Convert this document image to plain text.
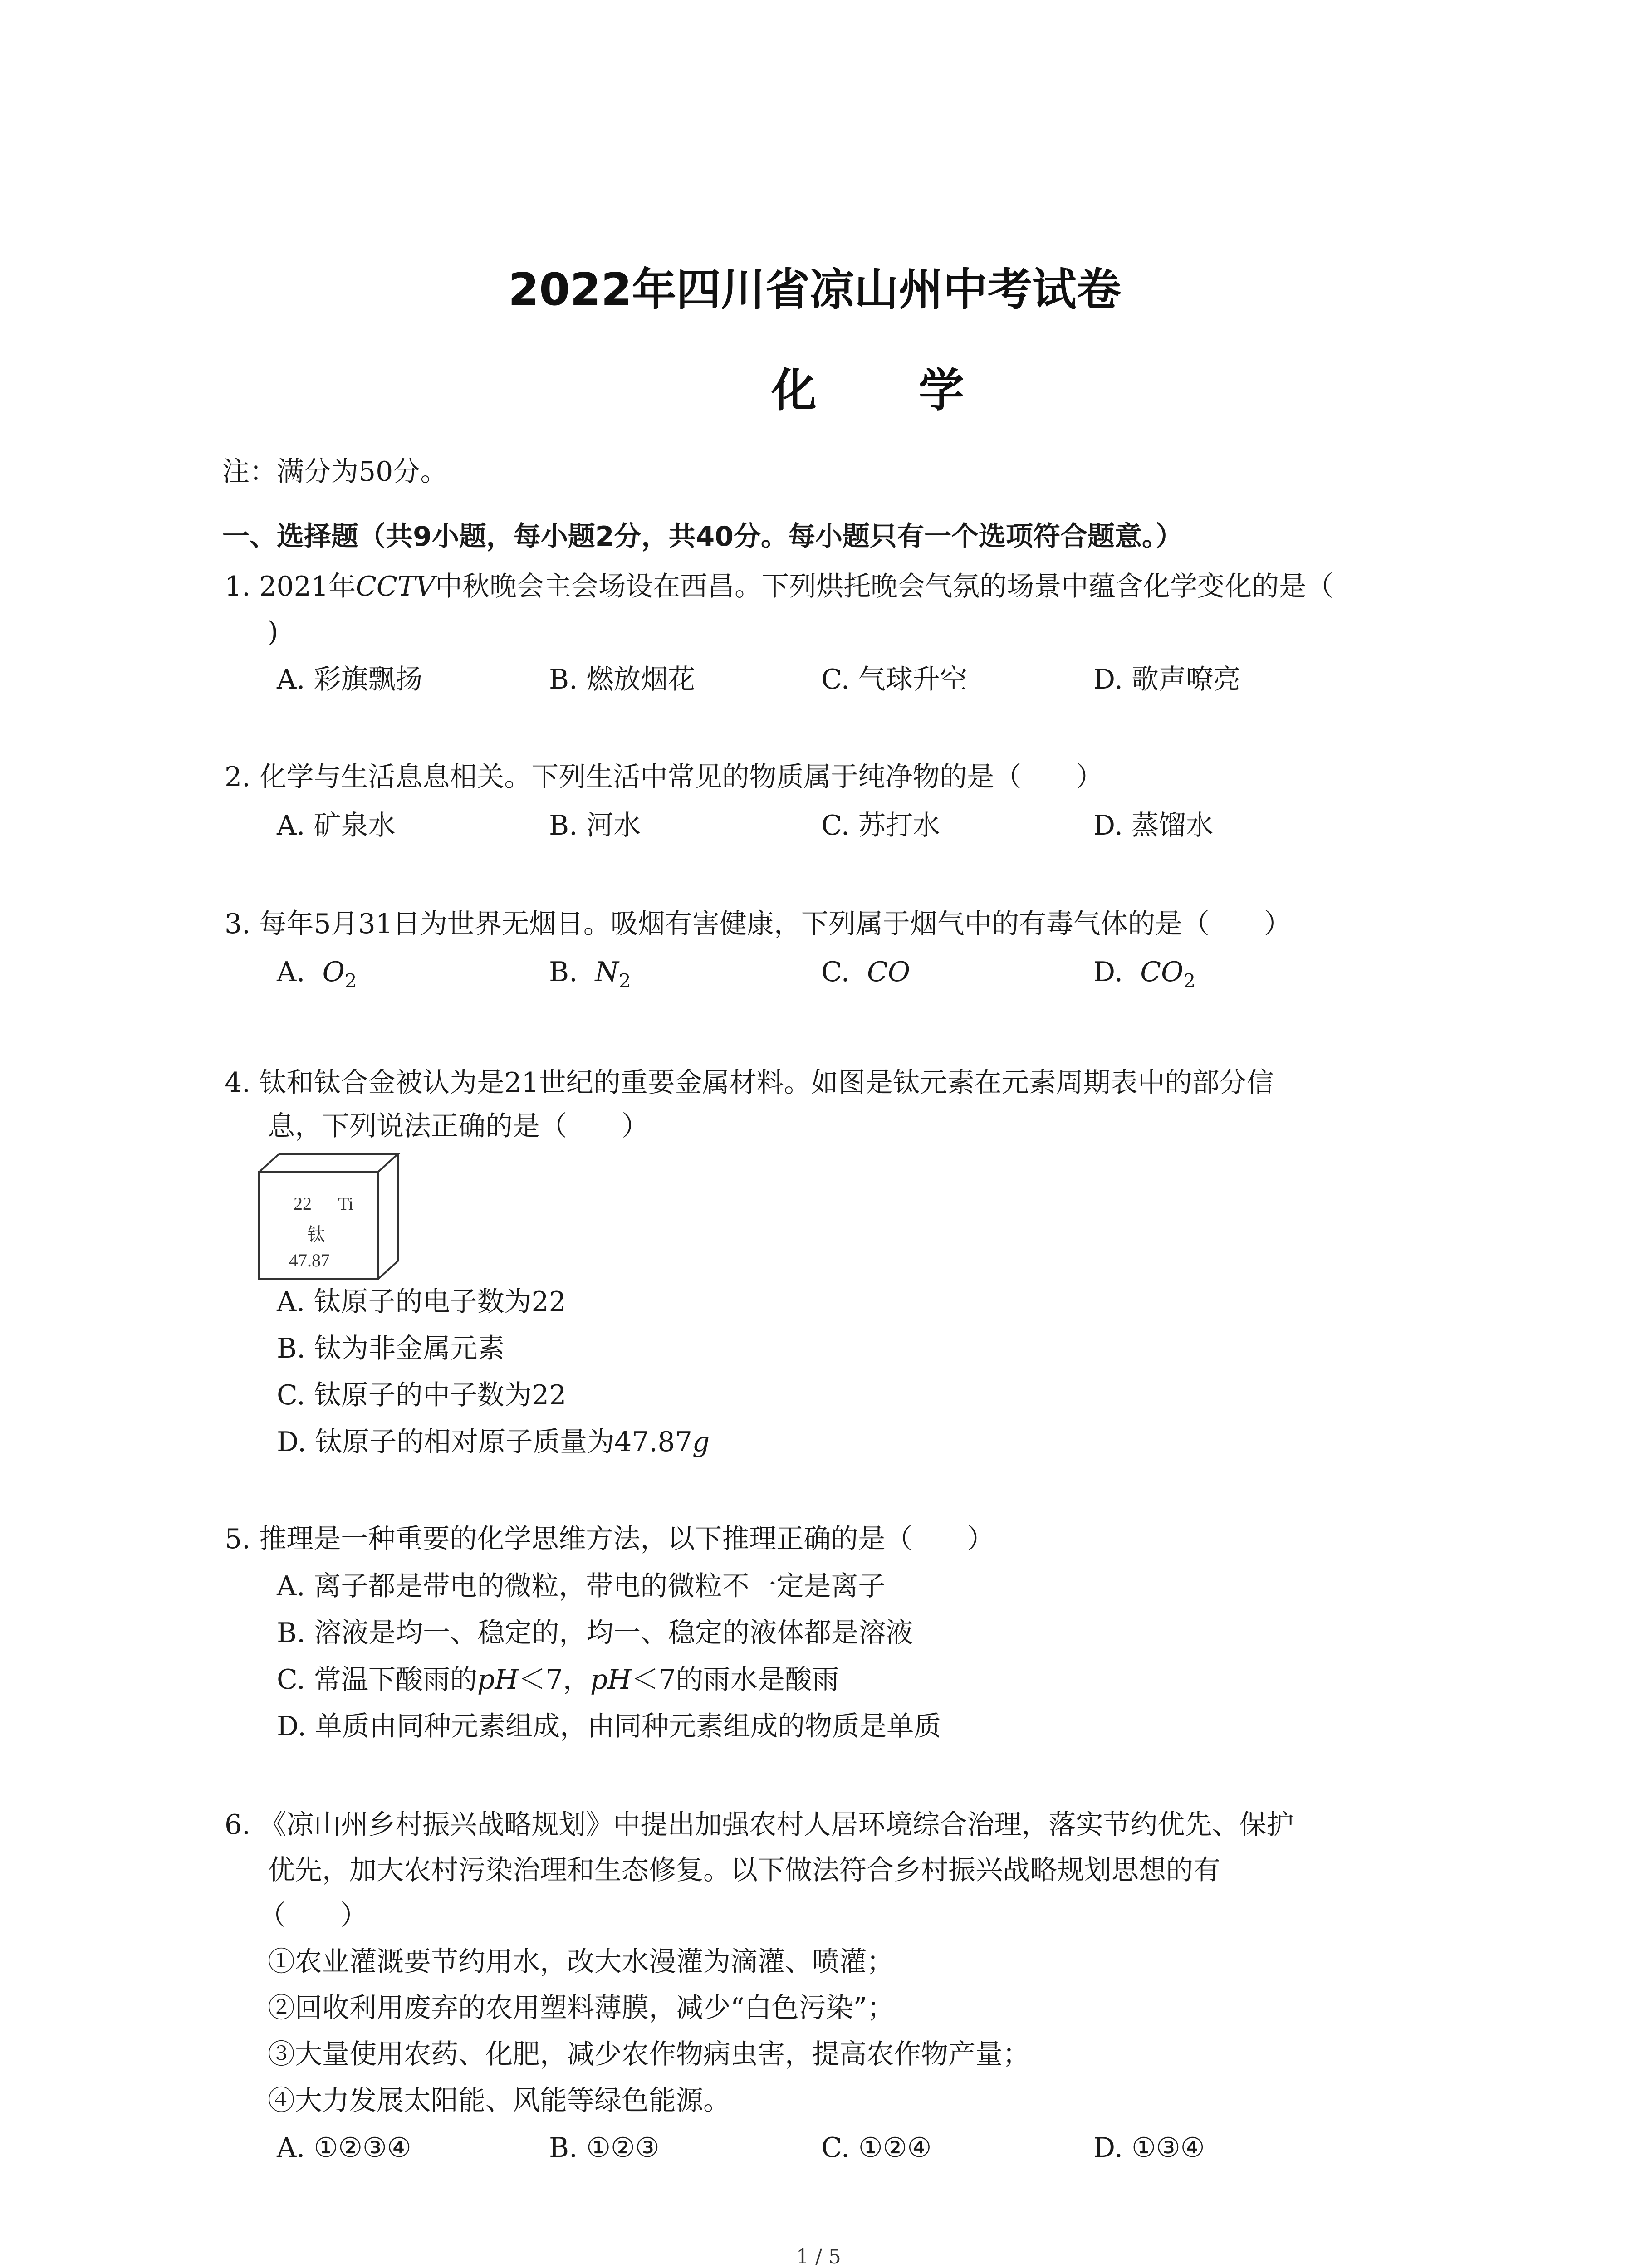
2022年四川省凉山州中考试卷
化 学
注：满分为50分。
一、选择题（共9小题，每小题2分，共40分。每小题只有一个选项符合题意。）
1. 2021年CCTV中秋晚会主会场设在西昌。下列烘托晚会气氛的场景中蕴含化学变化的是（
)
A. 彩旗飘扬	B. 燃放烟花	C. 气球升空	D. 歌声嘹亮
2. 化学与生活息息相关。下列生活中常见的物质属于纯净物的是（　　）
A. 矿泉水	B. 河水	C. 苏打水	D. 蒸馏水
3. 每年5月31日为世界无烟日。吸烟有害健康，下列属于烟气中的有毒气体的是（　　）
A. $O_2$	B. $N_2$	C. CO	D. $CO_2$
4. 钛和钛合金被认为是21世纪的重要金属材料。如图是钛元素在元素周期表中的部分信
息，下列说法正确的是（　　）
22 Ti
钛
47.87
A. 钛原子的电子数为22
B. 钛为非金属元素
C. 钛原子的中子数为22
D. 钛原子的相对原子质量为47.87g
5. 推理是一种重要的化学思维方法，以下推理正确的是（　　）
A. 离子都是带电的微粒，带电的微粒不一定是离子
B. 溶液是均一、稳定的，均一、稳定的液体都是溶液
C. 常温下酸雨的pH＜7，pH＜7的雨水是酸雨
D. 单质由同种元素组成，由同种元素组成的物质是单质
6. 《凉山州乡村振兴战略规划》中提出加强农村人居环境综合治理，落实节约优先、保护
优先，加大农村污染治理和生态修复。以下做法符合乡村振兴战略规划思想的有
（　　）
①农业灌溉要节约用水，改大水漫灌为滴灌、喷灌；
②回收利用废弃的农用塑料薄膜，减少“白色污染”；
③大量使用农药、化肥，减少农作物病虫害，提高农作物产量；
④大力发展太阳能、风能等绿色能源。
A. ①②③④	B. ①②③	C. ①②④	D. ①③④
1 / 5
